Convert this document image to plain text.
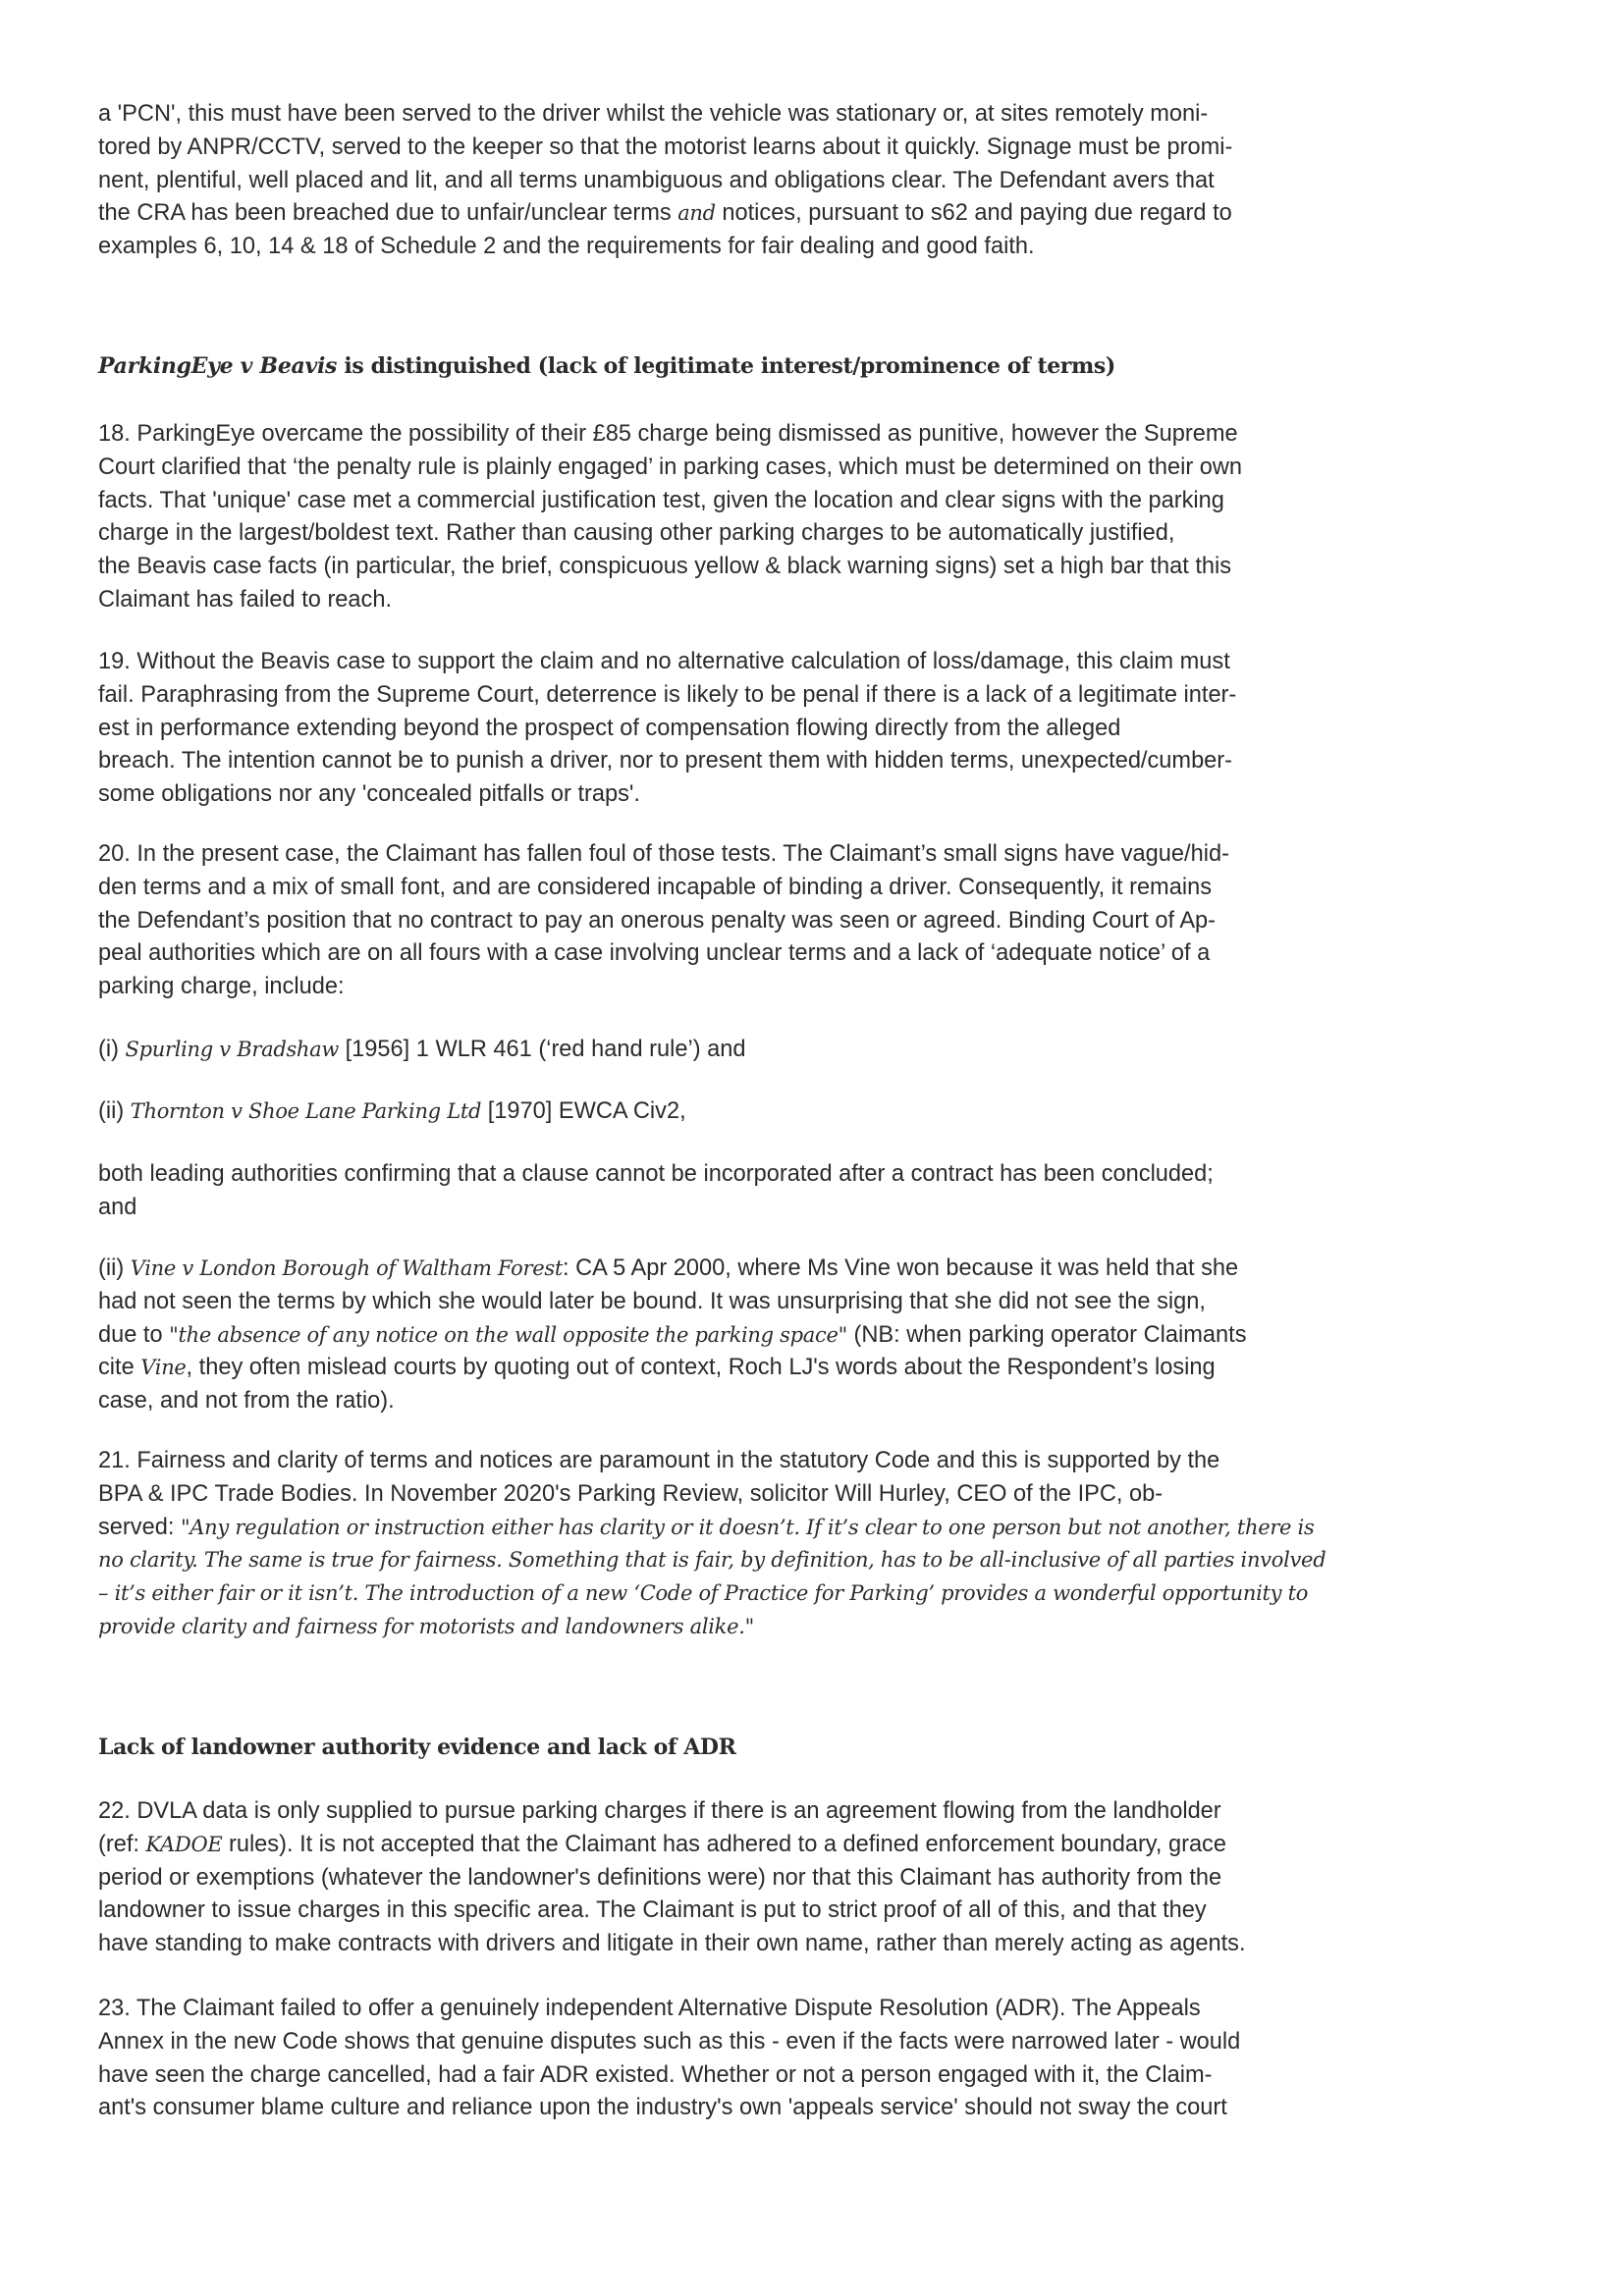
a 'PCN', this must have been served to the driver whilst the vehicle was stationary or, at sites remotely moni-
tored by ANPR/CCTV, served to the keeper so that the motorist learns about it quickly. Signage must be promi-
nent, plentiful, well placed and lit, and all terms unambiguous and obligations clear. The Defendant avers that
the CRA has been breached due to unfair/unclear terms and notices, pursuant to s62 and paying due regard to
examples 6, 10, 14 & 18 of Schedule 2 and the requirements for fair dealing and good faith.
ParkingEye v Beavis is distinguished (lack of legitimate interest/prominence of terms)
18. ParkingEye overcame the possibility of their £85 charge being dismissed as punitive, however the Supreme
Court clarified that ‘the penalty rule is plainly engaged’ in parking cases, which must be determined on their own
facts. That 'unique' case met a commercial justification test, given the location and clear signs with the parking
charge in the largest/boldest text. Rather than causing other parking charges to be automatically justified,
the Beavis case facts (in particular, the brief, conspicuous yellow & black warning signs) set a high bar that this
Claimant has failed to reach.
19. Without the Beavis case to support the claim and no alternative calculation of loss/damage, this claim must
fail. Paraphrasing from the Supreme Court, deterrence is likely to be penal if there is a lack of a legitimate inter-
est in performance extending beyond the prospect of compensation flowing directly from the alleged
breach. The intention cannot be to punish a driver, nor to present them with hidden terms, unexpected/cumber-
some obligations nor any 'concealed pitfalls or traps'.
20. In the present case, the Claimant has fallen foul of those tests. The Claimant’s small signs have vague/hid-
den terms and a mix of small font, and are considered incapable of binding a driver. Consequently, it remains
the Defendant’s position that no contract to pay an onerous penalty was seen or agreed. Binding Court of Ap-
peal authorities which are on all fours with a case involving unclear terms and a lack of ‘adequate notice’ of a
parking charge, include:
(i) Spurling v Bradshaw [1956] 1 WLR 461 (‘red hand rule’) and
(ii) Thornton v Shoe Lane Parking Ltd [1970] EWCA Civ2,
both leading authorities confirming that a clause cannot be incorporated after a contract has been concluded;
and
(ii) Vine v London Borough of Waltham Forest: CA 5 Apr 2000, where Ms Vine won because it was held that she
had not seen the terms by which she would later be bound. It was unsurprising that she did not see the sign,
due to "the absence of any notice on the wall opposite the parking space" (NB: when parking operator Claimants
cite Vine, they often mislead courts by quoting out of context, Roch LJ's words about the Respondent’s losing
case, and not from the ratio).
21. Fairness and clarity of terms and notices are paramount in the statutory Code and this is supported by the
BPA & IPC Trade Bodies. In November 2020's Parking Review, solicitor Will Hurley, CEO of the IPC, ob-
served: "Any regulation or instruction either has clarity or it doesn’t. If it’s clear to one person but not another, there is
no clarity. The same is true for fairness. Something that is fair, by definition, has to be all-inclusive of all parties involved
– it’s either fair or it isn’t. The introduction of a new ‘Code of Practice for Parking’ provides a wonderful opportunity to
provide clarity and fairness for motorists and landowners alike."
Lack of landowner authority evidence and lack of ADR
22. DVLA data is only supplied to pursue parking charges if there is an agreement flowing from the landholder
(ref: KADOE rules). It is not accepted that the Claimant has adhered to a defined enforcement boundary, grace
period or exemptions (whatever the landowner's definitions were) nor that this Claimant has authority from the
landowner to issue charges in this specific area. The Claimant is put to strict proof of all of this, and that they
have standing to make contracts with drivers and litigate in their own name, rather than merely acting as agents.
23. The Claimant failed to offer a genuinely independent Alternative Dispute Resolution (ADR). The Appeals
Annex in the new Code shows that genuine disputes such as this - even if the facts were narrowed later - would
have seen the charge cancelled, had a fair ADR existed. Whether or not a person engaged with it, the Claim-
ant's consumer blame culture and reliance upon the industry's own 'appeals service' should not sway the court
